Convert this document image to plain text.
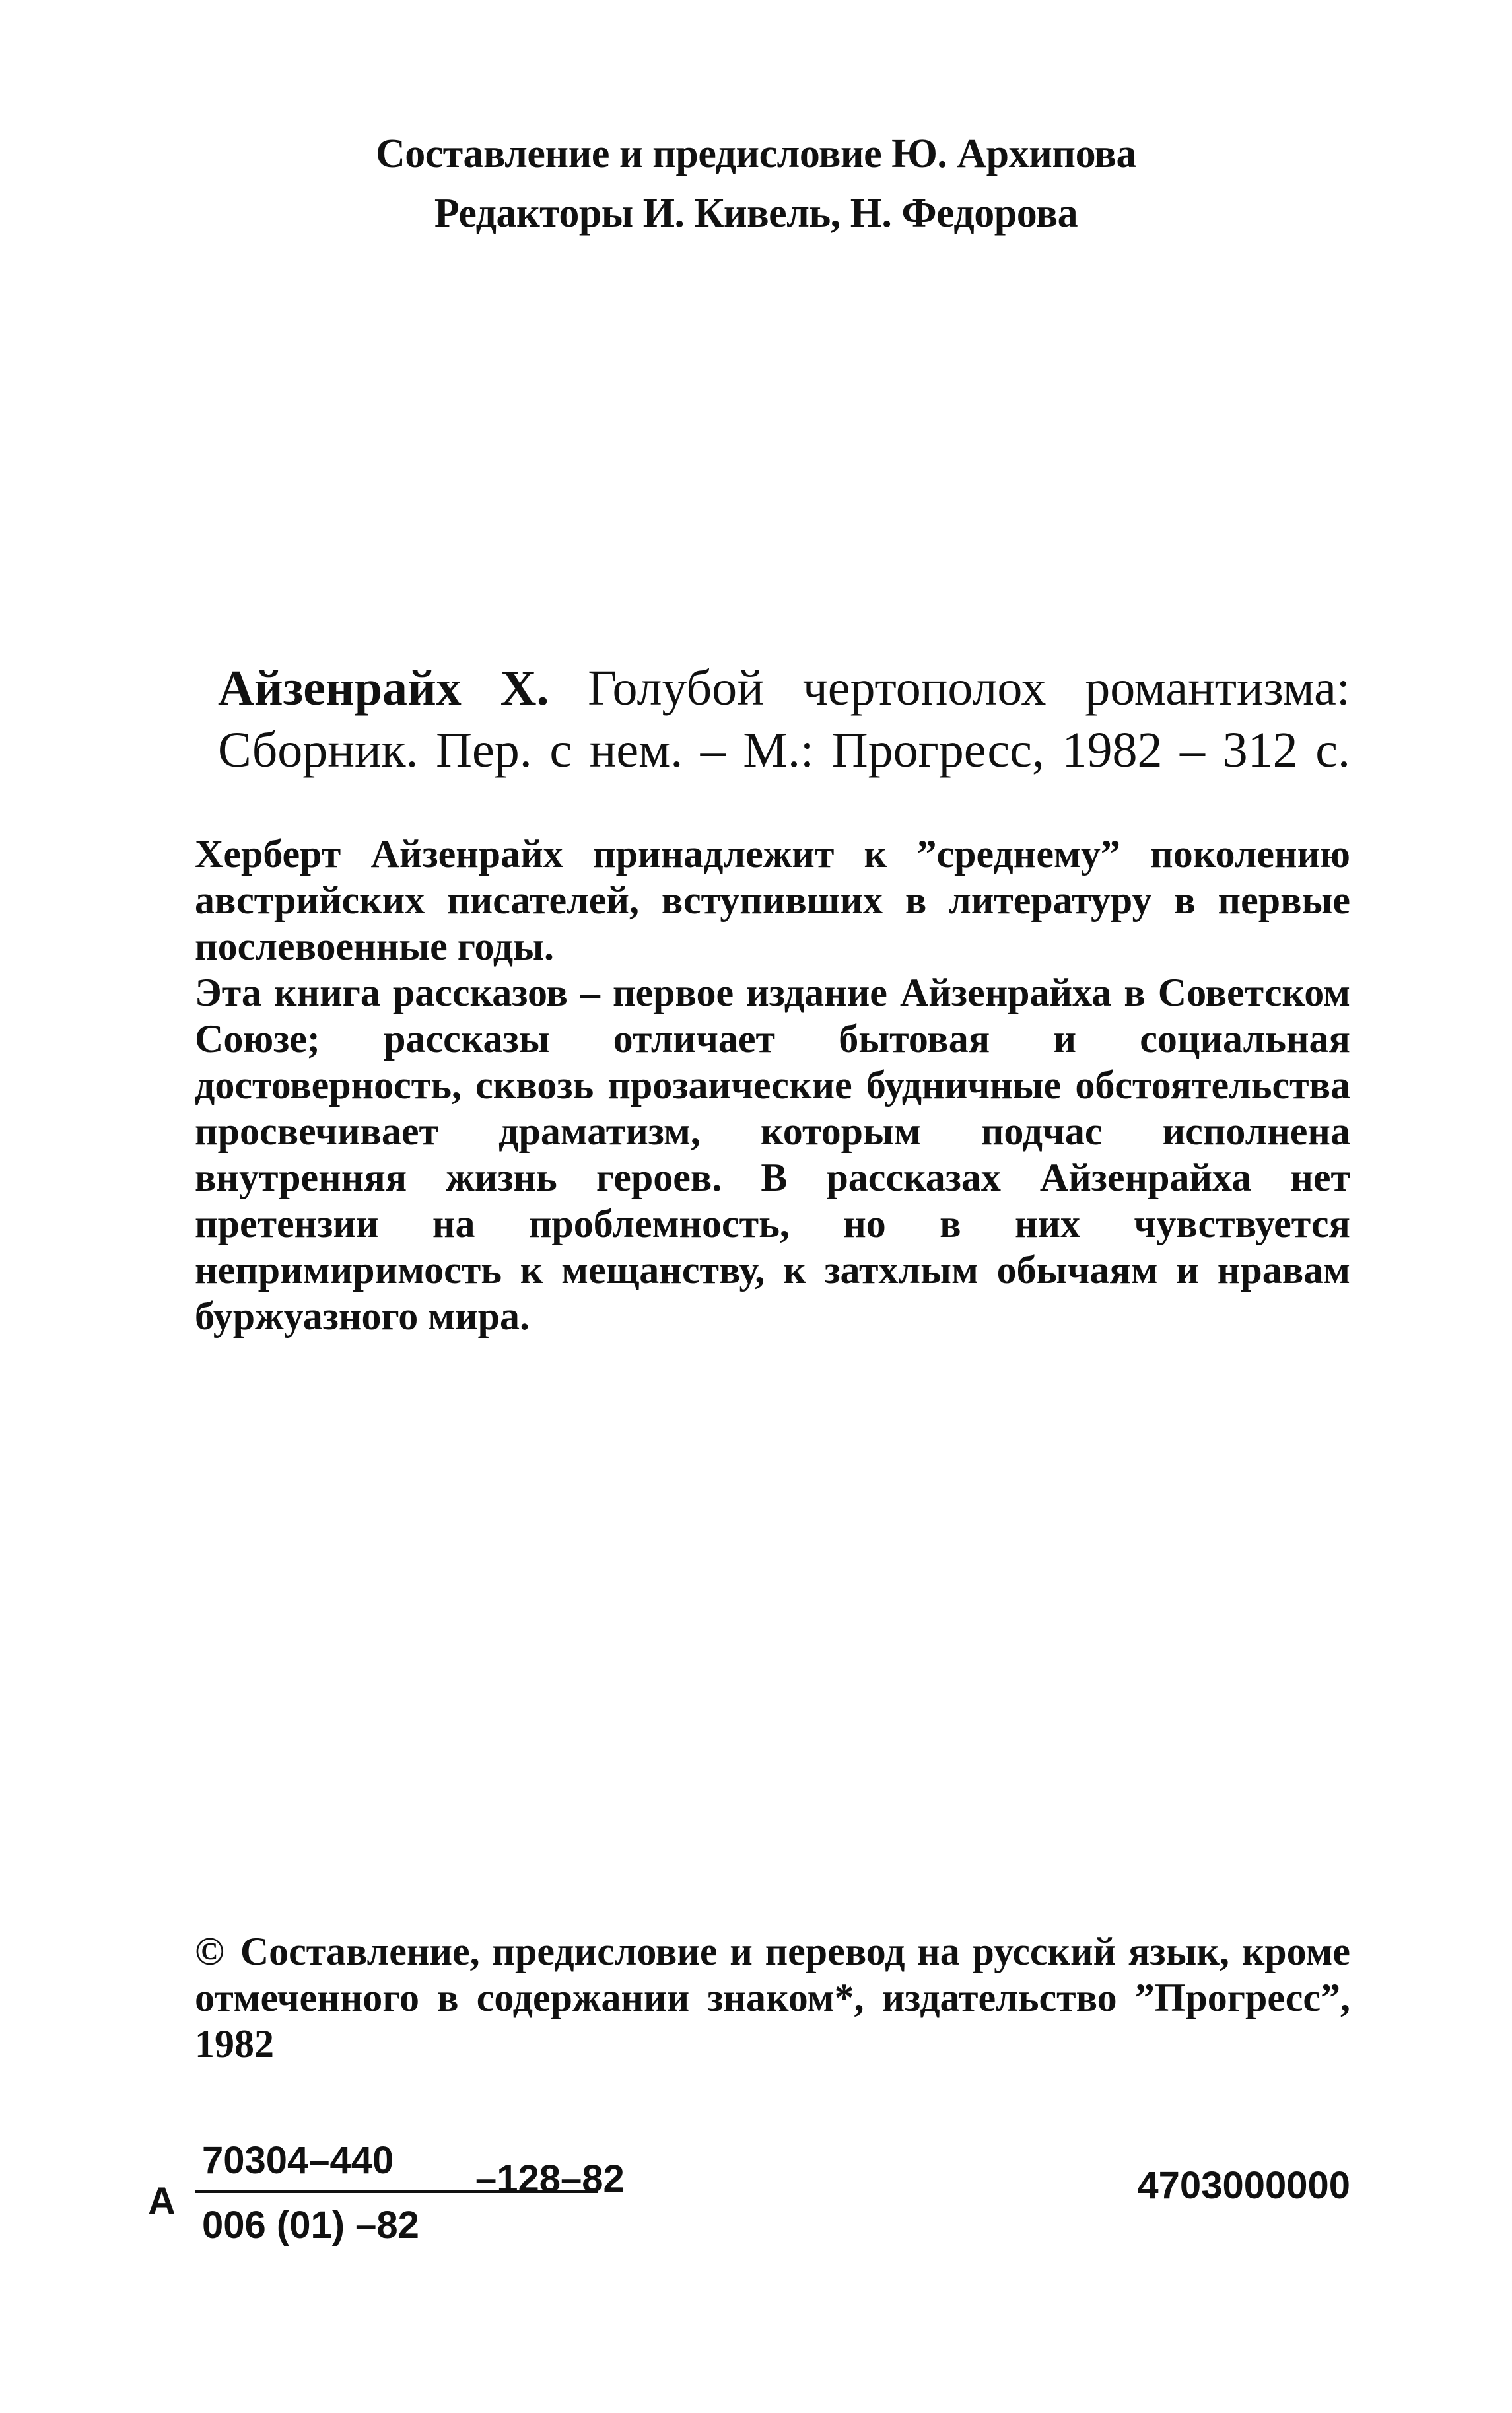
Составление и предисловие Ю. Архипова
Редакторы И. Кивель, Н. Федорова
Айзенрайх Х. Голубой чертополох романтизма:
Сборник. Пер. с нем. – М.: Прогресс, 1982 – 312 с.

Херберт Айзенрайх принадлежит к ”среднему” поколению австрийских писателей, вступивших в литературу в первые послевоенные годы.

Эта книга рассказов – первое издание Айзенрайха в Советском Союзе; рассказы отличает бытовая и социальная достоверность, сквозь прозаические будничные обстоятельства просвечивает драматизм, которым подчас исполнена внутренняя жизнь героев. В рассказах Айзенрайха нет претензии на проблемность, но в них чувствуется непримиримость к мещанству, к затхлым обычаям и нравам буржуазного мира.

© Составление, предисловие и перевод на русский язык, кроме отмеченного в содержании знаком*, издательство ”Прогресс”, 1982
А
70304–440
006 (01) –82
–128–82	4703000000
